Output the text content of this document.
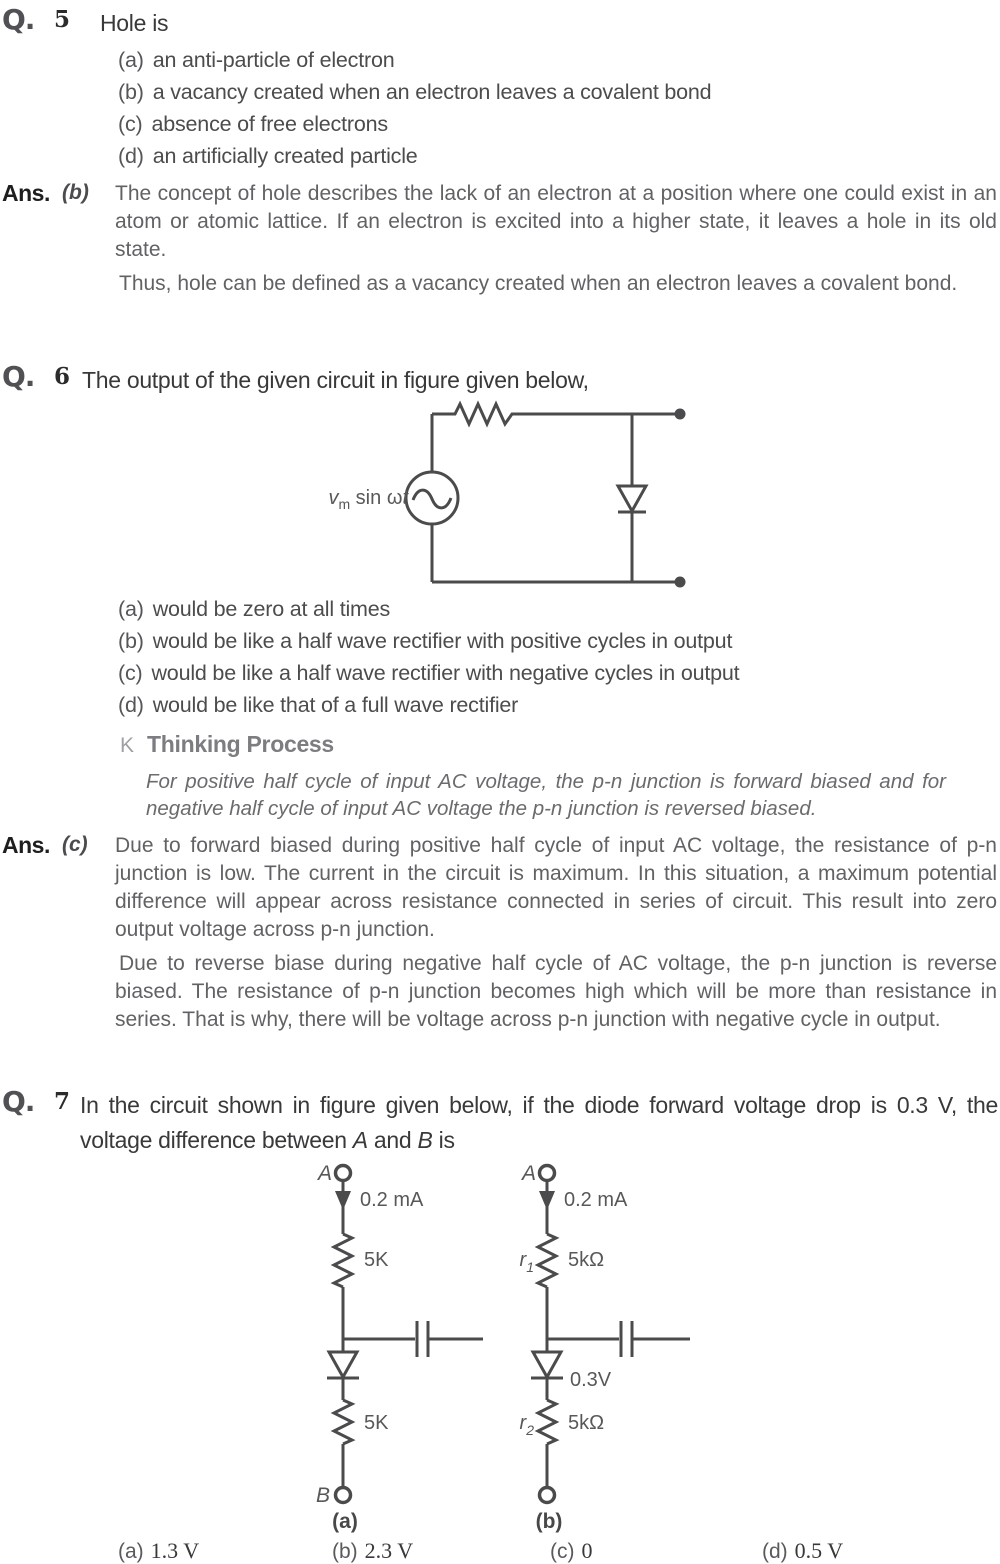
Q. 5 Hole is
(a) an anti-particle of electron
(b) a vacancy created when an electron leaves a covalent bond
(c) absence of free electrons
(d) an artificially created particle
Ans. (b) The concept of hole describes the lack of an electron at a position where one could exist in an atom or atomic lattice. If an electron is excited into a higher state, it leaves a hole in its old state.

Thus, hole can be defined as a vacancy created when an electron leaves a covalent bond.

Q. 6 The output of the given circuit in figure given below,
$v_m$ sin ωt
(a) would be zero at all times
(b) would be like a half wave rectifier with positive cycles in output
(c) would be like a half wave rectifier with negative cycles in output
(d) would be like that of a full wave rectifier
K Thinking Process
For positive half cycle of input AC voltage, the p-n junction is forward biased and for negative half cycle of input AC voltage the p-n junction is reversed biased.
Ans. (c) Due to forward biased during positive half cycle of input AC voltage, the resistance of p-n junction is low. The current in the circuit is maximum. In this situation, a maximum potential difference will appear across resistance connected in series of circuit. This result into zero output voltage across p-n junction.

Due to reverse biase during negative half cycle of AC voltage, the p-n junction is reverse biased. The resistance of p-n junction becomes high which will be more than resistance in series. That is why, there will be voltage across p-n junction with negative cycle in output.

Q. 7 In the circuit shown in figure given below, if the diode forward voltage drop is 0.3 V, the voltage difference between A and B is
A
0.2 mA
5K
5K
B
(a)
A
0.2 mA
$r_1$ 5kΩ
0.3V
$r_2$ 5kΩ
(b)
(a) 1.3 V	(b) 2.3 V	(c) 0	(d) 0.5 V
